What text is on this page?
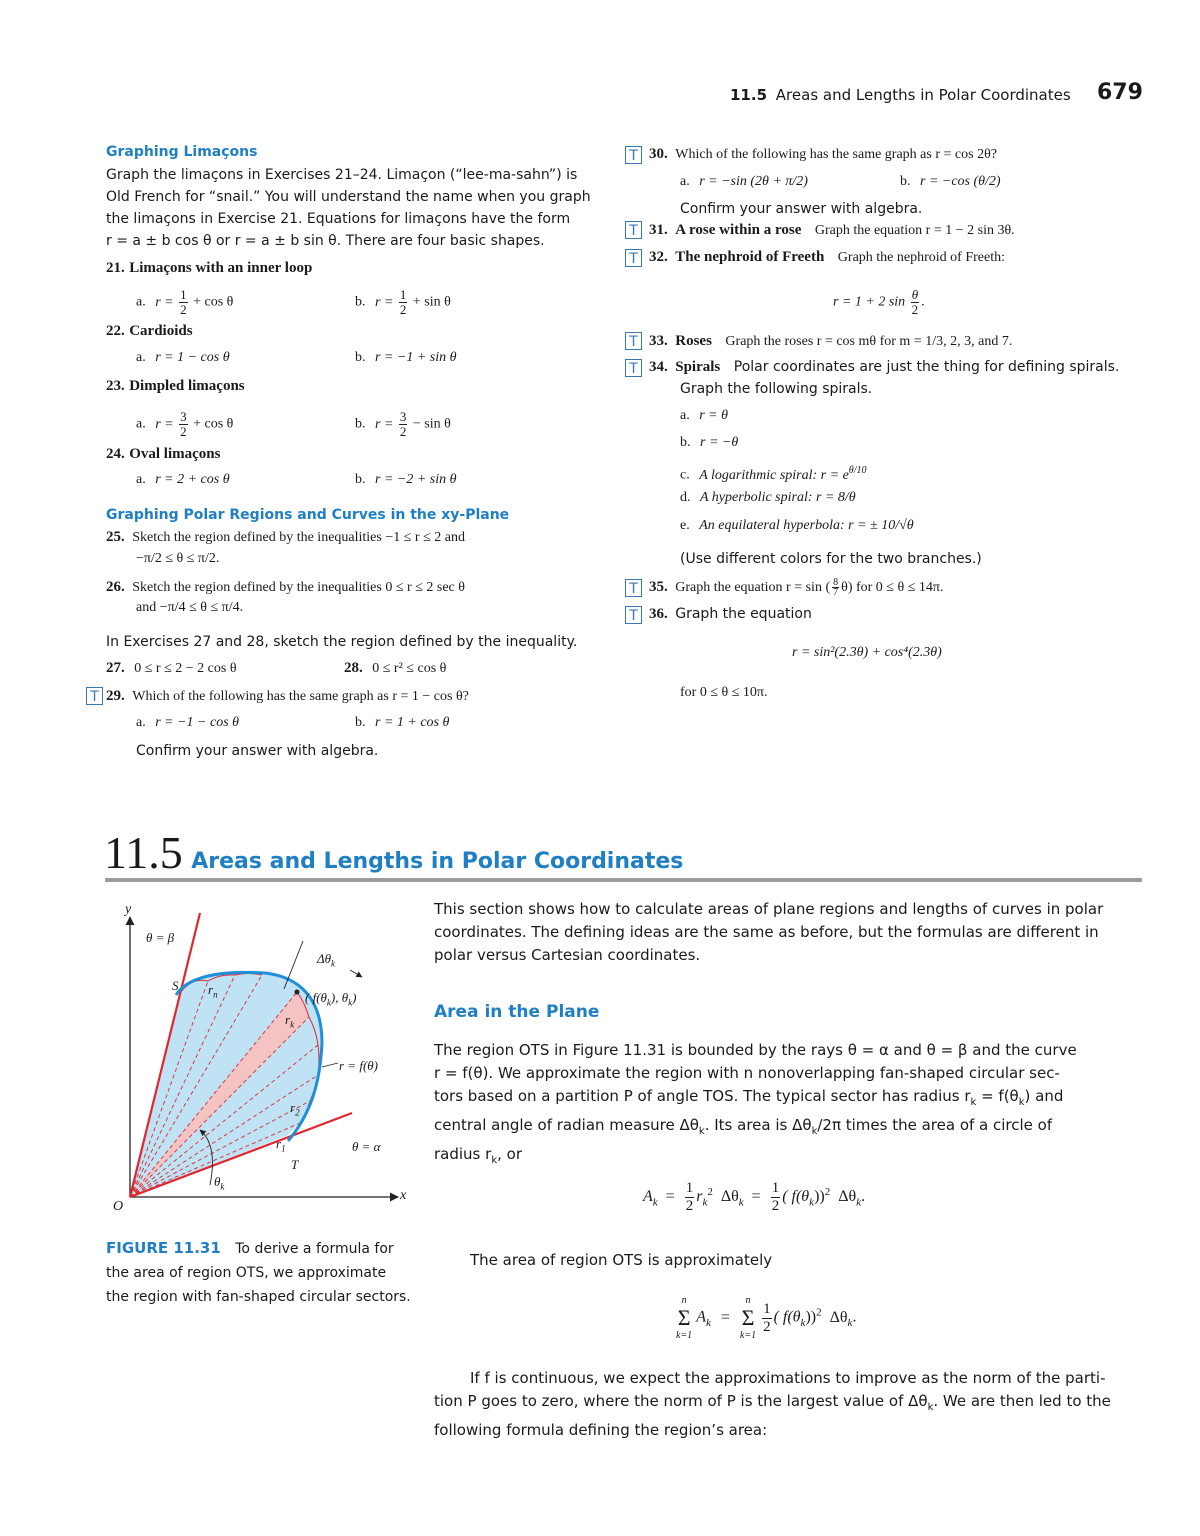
11.5 Areas and Lengths in Polar Coordinates 679
Graphing Limaçons
Graph the limaçons in Exercises 21–24. Limaçon (“lee-ma-sahn”) is
Old French for “snail.” You will understand the name when you graph
the limaçons in Exercise 21. Equations for limaçons have the form
r = a ± b cos θ or r = a ± b sin θ. There are four basic shapes.
21. Limaçons with an inner loop
a. $r = \frac{1}{2} + \cos \theta$	b. $r = \frac{1}{2} + \sin \theta$
22. Cardioids
a. r = 1 − cos θ	b. r = −1 + sin θ
23. Dimpled limaçons
a. $r = \frac{3}{2} + \cos \theta$	b. $r = \frac{3}{2} - \sin \theta$
24. Oval limaçons
a. r = 2 + cos θ	b. r = −2 + sin θ
Graphing Polar Regions and Curves in the xy-Plane
25. Sketch the region defined by the inequalities −1 ≤ r ≤ 2 and
−π/2 ≤ θ ≤ π/2.
26. Sketch the region defined by the inequalities 0 ≤ r ≤ 2 sec θ
and −π/4 ≤ θ ≤ π/4.
In Exercises 27 and 28, sketch the region defined by the inequality.
27. 0 ≤ r ≤ 2 − 2 cos θ	28. 0 ≤ r² ≤ cos θ
T 29. Which of the following has the same graph as r = 1 − cos θ?
a. r = −1 − cos θ	b. r = 1 + cos θ
Confirm your answer with algebra.
T 30. Which of the following has the same graph as r = cos 2θ?
a. r = −sin (2θ + π/2)	b. r = −cos (θ/2)
Confirm your answer with algebra.
T 31. A rose within a rose Graph the equation r = 1 − 2 sin 3θ.
T 32. The nephroid of Freeth Graph the nephroid of Freeth:
r = 1 + 2 $\sin \frac{\theta}{2}$ .
T 33. Roses Graph the roses r = cos mθ for m = 1/3, 2, 3, and 7.
T 34. Spirals Polar coordinates are just the thing for defining spirals.
Graph the following spirals.
a. r = θ
b. r = −θ
c. A logarithmic spiral: $r = e^{\theta/10}$
d. A hyperbolic spiral: r = 8/θ
e. An equilateral hyperbola: r = ± 10/√θ
(Use different colors for the two branches.)
T 35. Graph the equation r = sin ( $\frac{8}{7} \theta$) for 0 ≤ θ ≤ 14π.
T 36. Graph the equation
r = sin²(2.3θ) + cos⁴(2.3θ)
for 0 ≤ θ ≤ 10π.
11.5 Areas and Lengths in Polar Coordinates
y
x
O
S
T
θ = β
θ = α
r = f(θ)
$\Delta\theta_k$
( $f(\theta_k)$, $\theta_k$)
$r_n$
$r_k$
$r_2$
$r_1$
$\theta_k$
FIGURE 11.31 To derive a formula for
the area of region OTS, we approximate
the region with fan-shaped circular sectors.
This section shows how to calculate areas of plane regions and lengths of curves in polar
coordinates. The defining ideas are the same as before, but the formulas are different in
polar versus Cartesian coordinates.
Area in the Plane
The region OTS in Figure 11.31 is bounded by the rays θ = α and θ = β and the curve
r = f(θ). We approximate the region with n nonoverlapping fan-shaped circular sec-
tors based on a partition P of angle TOS. The typical sector has radius $r_k = f(\theta_k)$ and
central angle of radian measure $\Delta\theta_k$. Its area is $\Delta\theta_k/2\pi$ times the area of a circle of
radius $r_k$, or
$A_k = \frac{1}{2} r_k^2$ $\Delta\theta_k = \frac{1}{2}$ ( $f(\theta_k))^2$ $\Delta\theta_k$.
The area of region OTS is approximately
n
Σ
k=1
$A_k$ =
n
Σ
k=1
$\frac{1}{2}$ ( $f(\theta_k))^2$ $\Delta\theta_k$.
If f is continuous, we expect the approximations to improve as the norm of the parti-
tion P goes to zero, where the norm of P is the largest value of $\Delta\theta_k$. We are then led to the
following formula defining the region’s area:
